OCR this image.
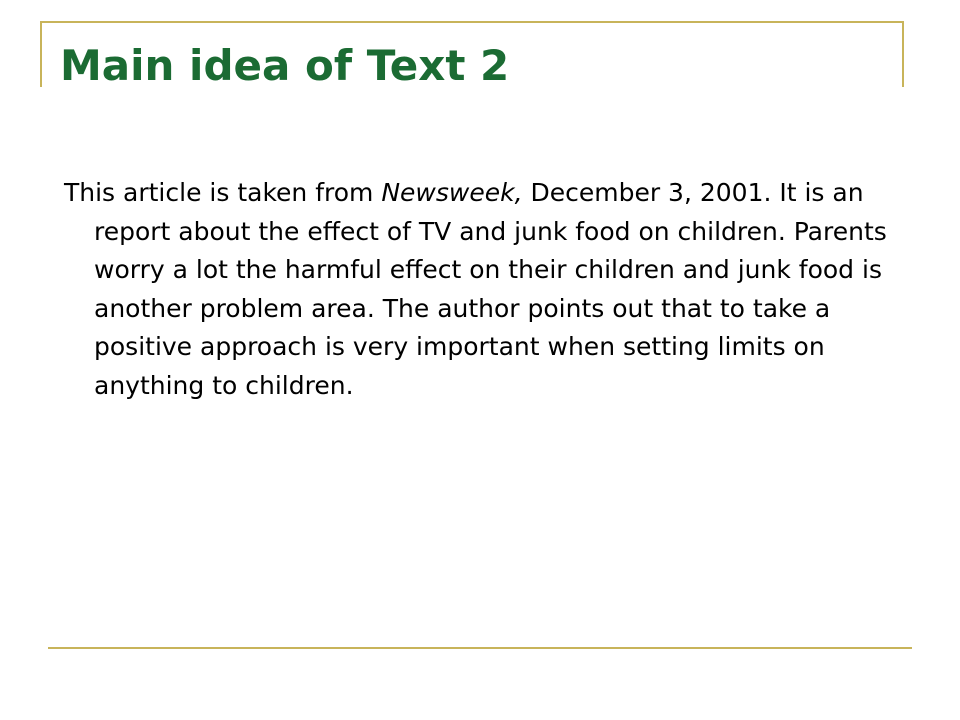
Main idea of Text 2

This article is taken from Newsweek, December 3, 2001. It is an report about the effect of TV and junk food on children. Parents worry a lot the harmful effect on their children and junk food is another problem area. The author points out that to take a positive approach is very important when setting limits on anything to children.
